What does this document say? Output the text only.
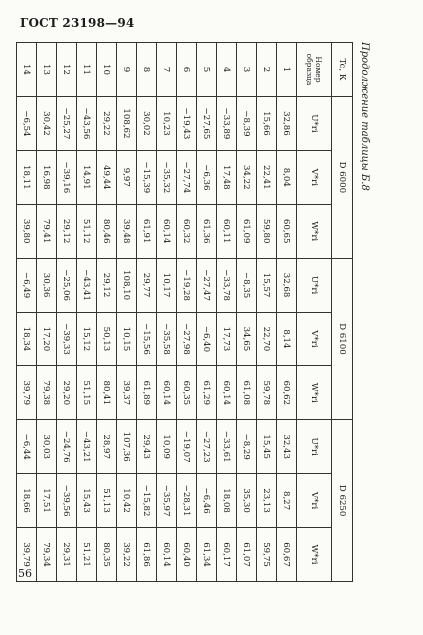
ГОСТ 23198—94
Продолжение таблицы Б.8
Tc, К	D 6000			D 6100			D 6250		
Номер образца	U*ri	V*ri	W*ri	U*ri	V*ri	W*ri	U*ri	V*ri	W*ri
1	32,86	8,04	60,65	32,68	8,14	60,62	32,43	8,27	60,67
2	15,66	22,41	59,80	15,57	22,70	59,78	15,45	23,13	59,75
3	−8,39	34,22	61,09	−8,35	34,65	61,08	−8,29	35,30	61,07
4	−33,89	17,48	60,11	−33,78	17,73	60,14	−33,61	18,08	60,17
5	−27,65	−6,36	61,36	−27,47	−6,40	61,29	−27,23	−6,46	61,34
6	−19,43	−27,74	60,32	−19,28	−27,98	60,35	−19,07	−28,31	60,40
7	10,23	−35,32	60,14	10,17	−35,58	60,14	10,09	−35,97	60,14
8	30,02	−15,39	61,91	29,77	−15,56	61,89	29,43	−15,82	61,86
9	108,62	9,97	39,48	108,10	10,15	39,37	107,36	10,42	39,22
10	29,22	49,44	80,46	29,12	50,13	80,41	28,97	51,13	80,35
11	−43,56	14,91	51,12	−43,41	15,12	51,15	−43,21	15,43	51,21
12	−25,27	−39,16	29,12	−25,06	−39,33	29,20	−24,76	−39,56	29,31
13	30,42	16,98	79,41	30,36	17,20	79,38	30,03	17,51	79,34
14	−6,54	18,11	39,80	−6,49	18,34	39,79	−6,44	18,66	39,79
56
